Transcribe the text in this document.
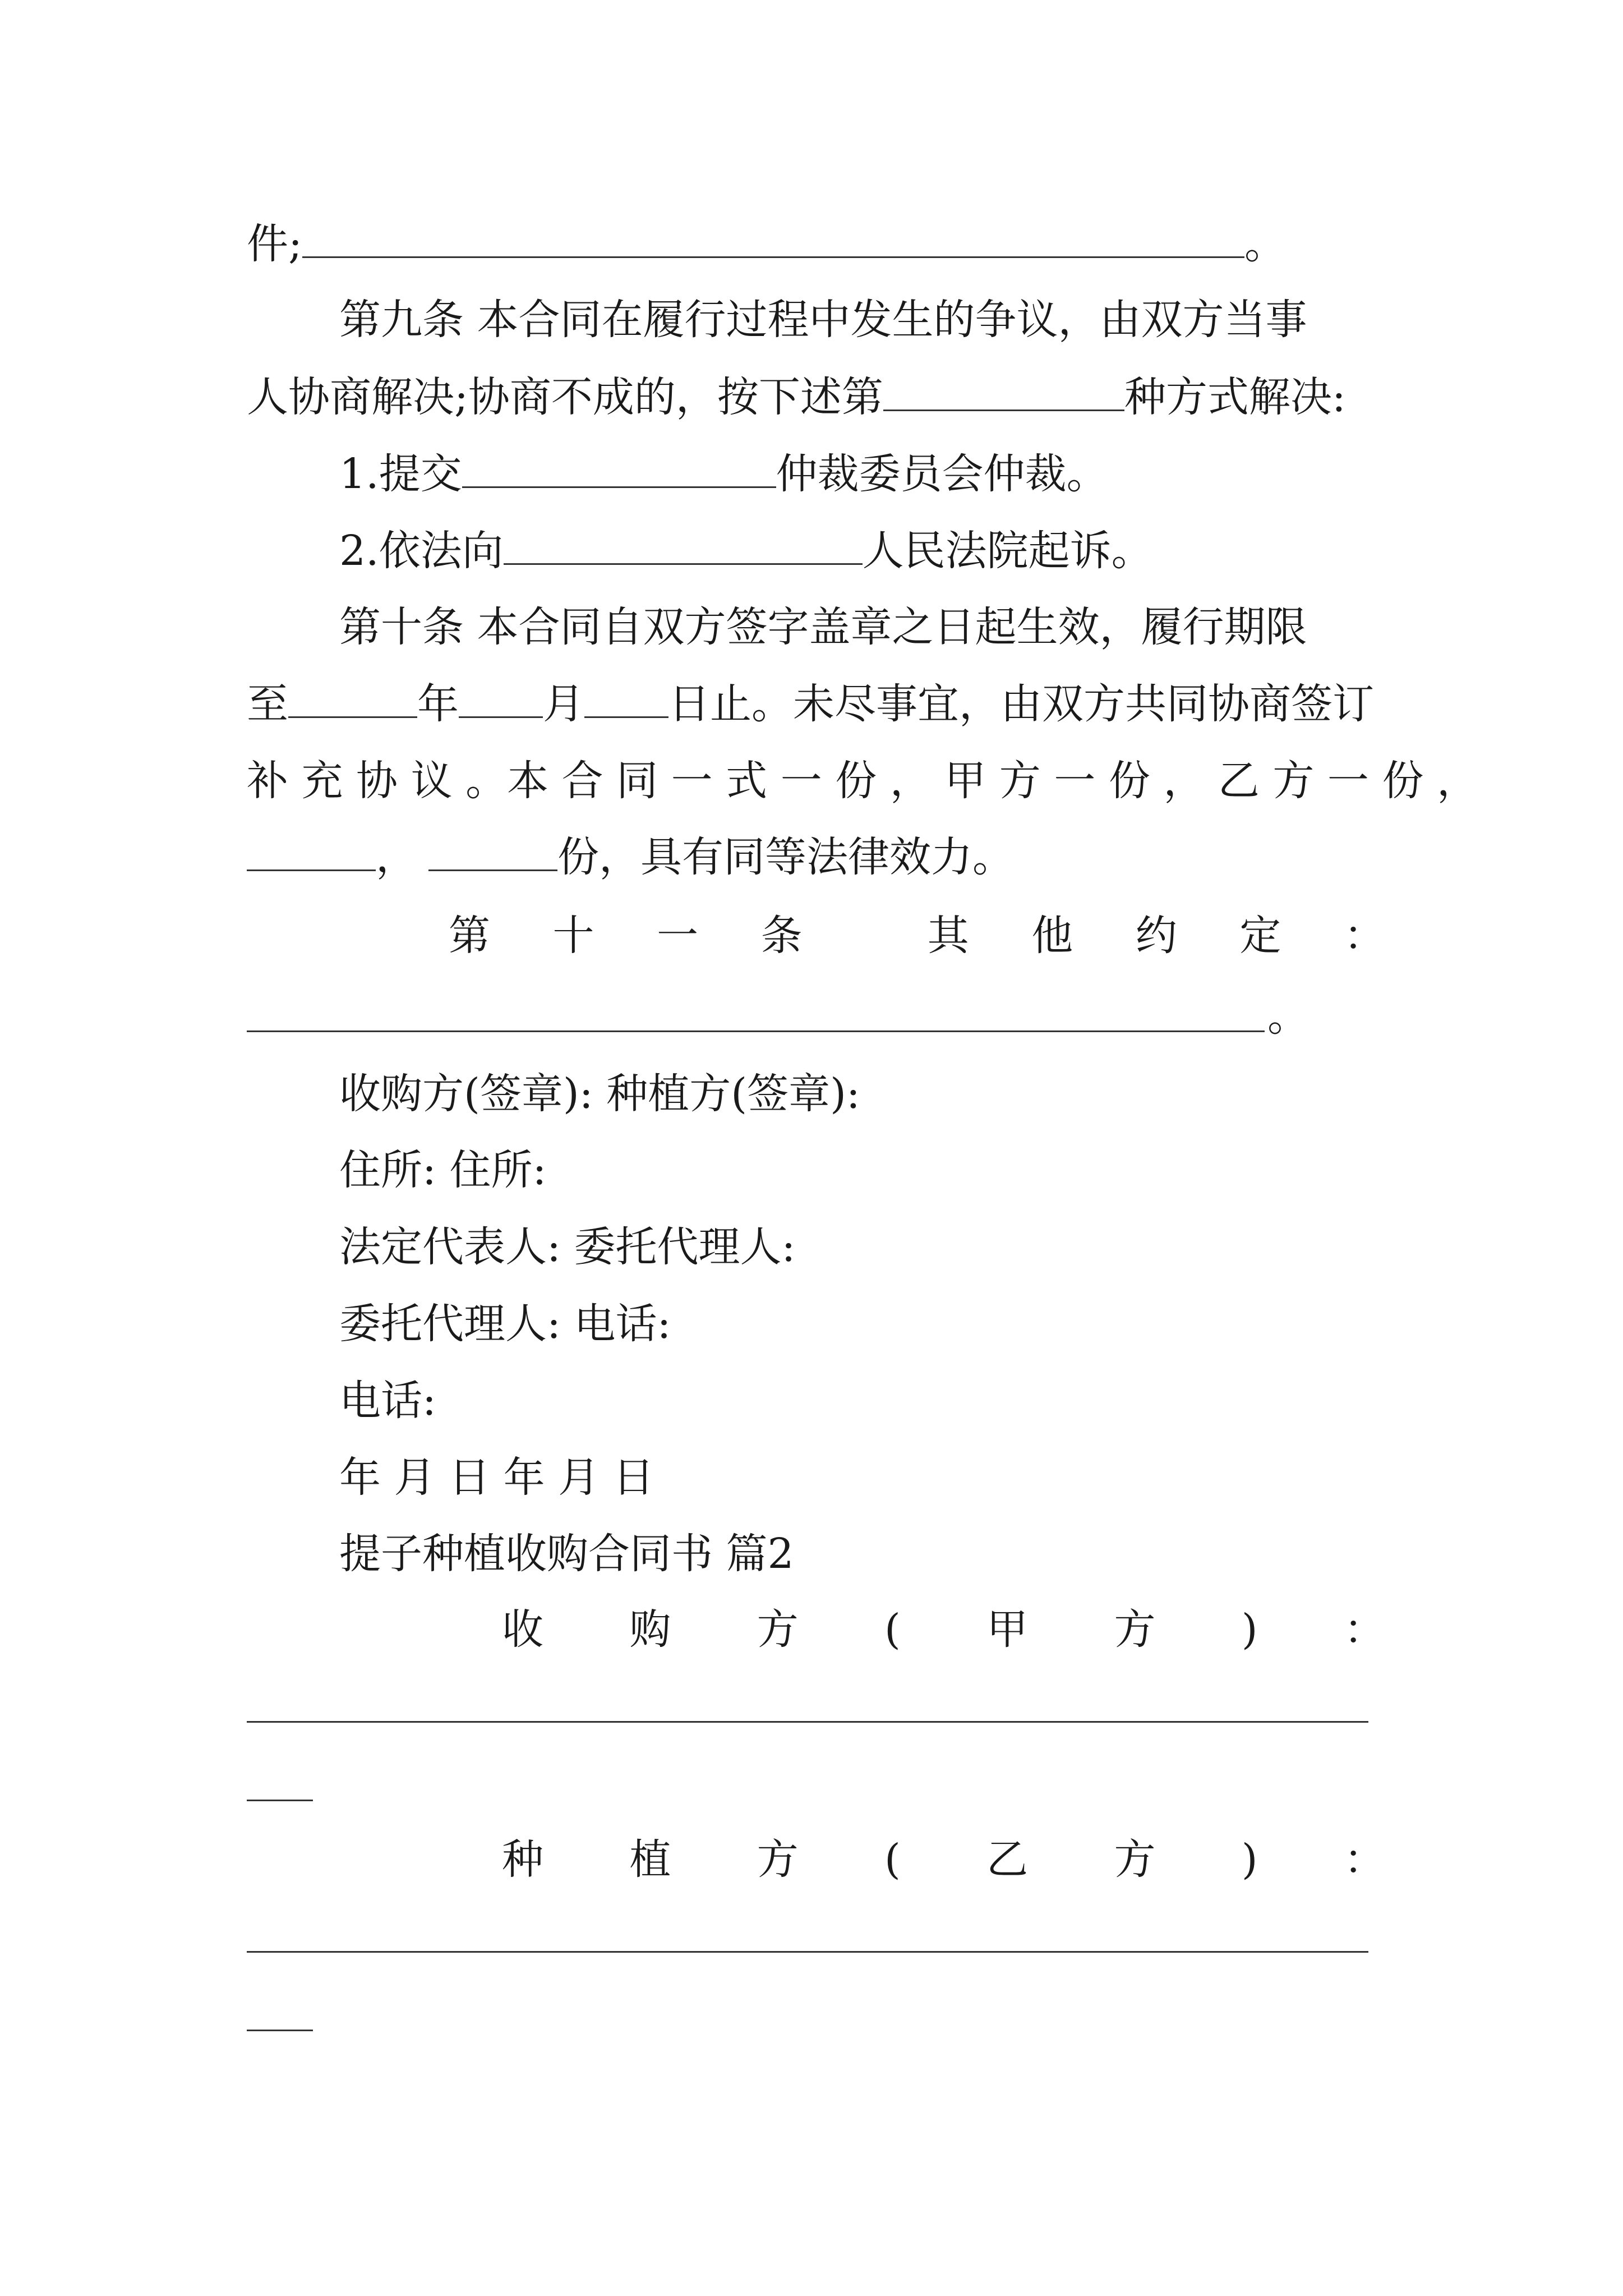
件;	。
第九条 本合同在履行过程中发生的争议，由双方当事
人协商解决;协商不成的，按下述第	种方式解决:
1.提交	仲裁委员会仲裁。
2.依法向	人民法院起诉。
第十条 本合同自双方签字盖章之日起生效，履行期限
至	年 月 日止。未尽事宜，由双方共同协商签订
补 充 协 议 。本 合 同 一 式 一 份 ， 甲 方 一 份 ， 乙 方 一 份 ，
，	份，具有同等法律效力。
第 十 一 条	其 他 约 定 ：
。
收购方(签章): 种植方(签章):
住所: 住所:
法定代表人: 委托代理人:
委托代理人: 电话:
电话:
年 月 日 年 月 日
提子种植收购合同书 篇2
收 购 方 ( 甲 方 ) ：
种 植 方 ( 乙 方 ) ：
